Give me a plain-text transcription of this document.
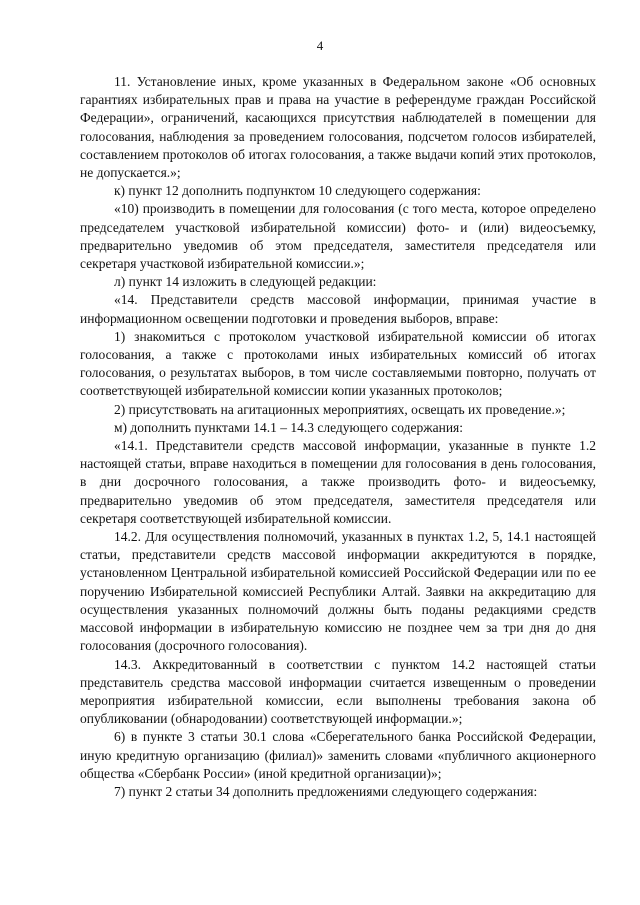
4

11. Установление иных, кроме указанных в Федеральном законе «Об основных гарантиях избирательных прав и права на участие в референдуме граждан Российской Федерации», ограничений, касающихся присутствия наблюдателей в помещении для голосования, наблюдения за проведением голосования, подсчетом голосов избирателей, составлением протоколов об итогах голосования, а также выдачи копий этих протоколов, не допускается.»;

к) пункт 12 дополнить подпунктом 10 следующего содержания:

«10) производить в помещении для голосования (с того места, которое определено председателем участковой избирательной комиссии) фото- и (или) видеосъемку, предварительно уведомив об этом председателя, заместителя председателя или секретаря участковой избирательной комиссии.»;

л) пункт 14 изложить в следующей редакции:

«14. Представители средств массовой информации, принимая участие в информационном освещении подготовки и проведения выборов, вправе:

1) знакомиться с протоколом участковой избирательной комиссии об итогах голосования, а также с протоколами иных избирательных комиссий об итогах голосования, о результатах выборов, в том числе составляемыми повторно, получать от соответствующей избирательной комиссии копии указанных протоколов;

2) присутствовать на агитационных мероприятиях, освещать их проведение.»;

м) дополнить пунктами 14.1 – 14.3 следующего содержания:

«14.1. Представители средств массовой информации, указанные в пункте 1.2 настоящей статьи, вправе находиться в помещении для голосования в день голосования, в дни досрочного голосования, а также производить фото- и видеосъемку, предварительно уведомив об этом председателя, заместителя председателя или секретаря соответствующей избирательной комиссии.

14.2. Для осуществления полномочий, указанных в пунктах 1.2, 5, 14.1 настоящей статьи, представители средств массовой информации аккредитуются в порядке, установленном Центральной избирательной комиссией Российской Федерации или по ее поручению Избирательной комиссией Республики Алтай. Заявки на аккредитацию для осуществления указанных полномочий должны быть поданы редакциями средств массовой информации в избирательную комиссию не позднее чем за три дня до дня голосования (досрочного голосования).

14.3. Аккредитованный в соответствии с пунктом 14.2 настоящей статьи представитель средства массовой информации считается извещенным о проведении мероприятия избирательной комиссии, если выполнены требования закона об опубликовании (обнародовании) соответствующей информации.»;

6) в пункте 3 статьи 30.1 слова «Сберегательного банка Российской Федерации, иную кредитную организацию (филиал)» заменить словами «публичного акционерного общества «Сбербанк России» (иной кредитной организации)»;

7) пункт 2 статьи 34 дополнить предложениями следующего содержания:
